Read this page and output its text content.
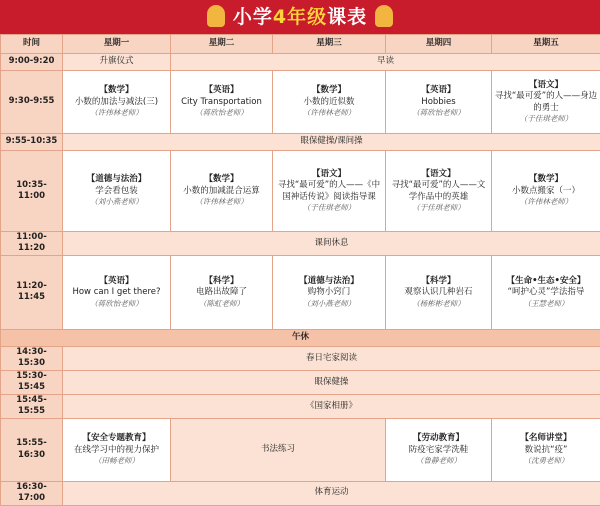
小学4年级课表
时间	星期一	星期二	星期三	星期四	星期五
9:00-9:20	升旗仪式	早读			
9:30-9:55	【数学】
小数的加法与减法(三)
（许伟林老师）	【英语】
City Transportation
（蒋欣怡老师）	【数学】
小数的近似数
（许伟林老师）	【英语】
Hobbies
（蒋欣怡老师）	【语文】
寻找“最可爱”的人——身边的勇士
（于佳琪老师）

9:55-10:35	眼保健操/课间操				
10:35-11:00	【道德与法治】
学会看包装
（刘小燕老师）	【数学】
小数的加减混合运算
（许伟林老师）	【语文】
寻找“最可爱”的人——《中国神话传说》阅读指导课
（于佳琪老师）	【语文】
寻找“最可爱”的人——文学作品中的英雄
（于佳琪老师）	【数学】
小数点搬家（一）
（许伟林老师）

11:00-11:20	课间休息				
11:20-11:45	【英语】
How can I get there?
（蒋欣怡老师）	【科学】
电路出故障了
（陈虹老师）	【道德与法治】
购物小窍门
（刘小燕老师）	【科学】
观察认识几种岩石
（杨彬彬老师）	【生命•生态•安全】
“呵护心灵”学法指导
（王慧老师）

午休					
14:30-15:30	春日宅家阅读				
15:30-15:45	眼保健操				
15:45-15:55	《国家相册》				
15:55-16:30	【安全专题教育】
在线学习中的视力保护
（田畅老师）	书法练习		【劳动教育】
防疫宅家学洗鞋
（鲁静老师）	【名师讲堂】
数说抗“疫”
（沈勇老师）

16:30-17:00	体育运动				
